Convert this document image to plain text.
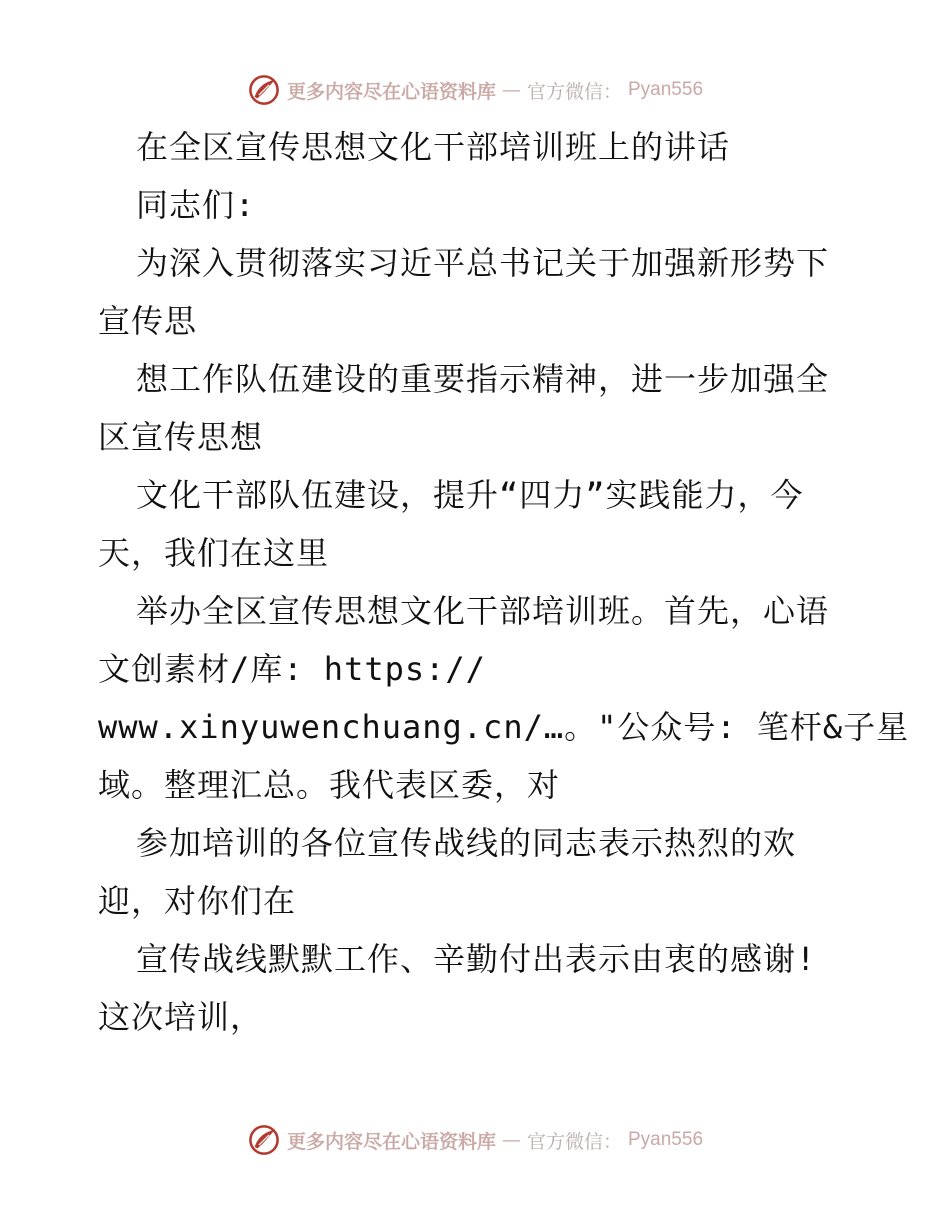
更多内容尽在心语资料库 — 官方微信： Pyan556
在全区宣传思想文化干部培训班上的讲话
同志们:
为深入贯彻落实习近平总书记关于加强新形势下
宣传思
想工作队伍建设的重要指示精神，进一步加强全
区宣传思想
文化干部队伍建设，提升“四力”实践能力，今
天，我们在这里
举办全区宣传思想文化干部培训班。首先，心语
文创素材/库: https://
www.xinyuwenchuang.cn/…。"公众号: 笔杆&子星
域。整理汇总。我代表区委，对
参加培训的各位宣传战线的同志表示热烈的欢
迎，对你们在
宣传战线默默工作、辛勤付出表示由衷的感谢!
这次培训，
更多内容尽在心语资料库 — 官方微信： Pyan556
